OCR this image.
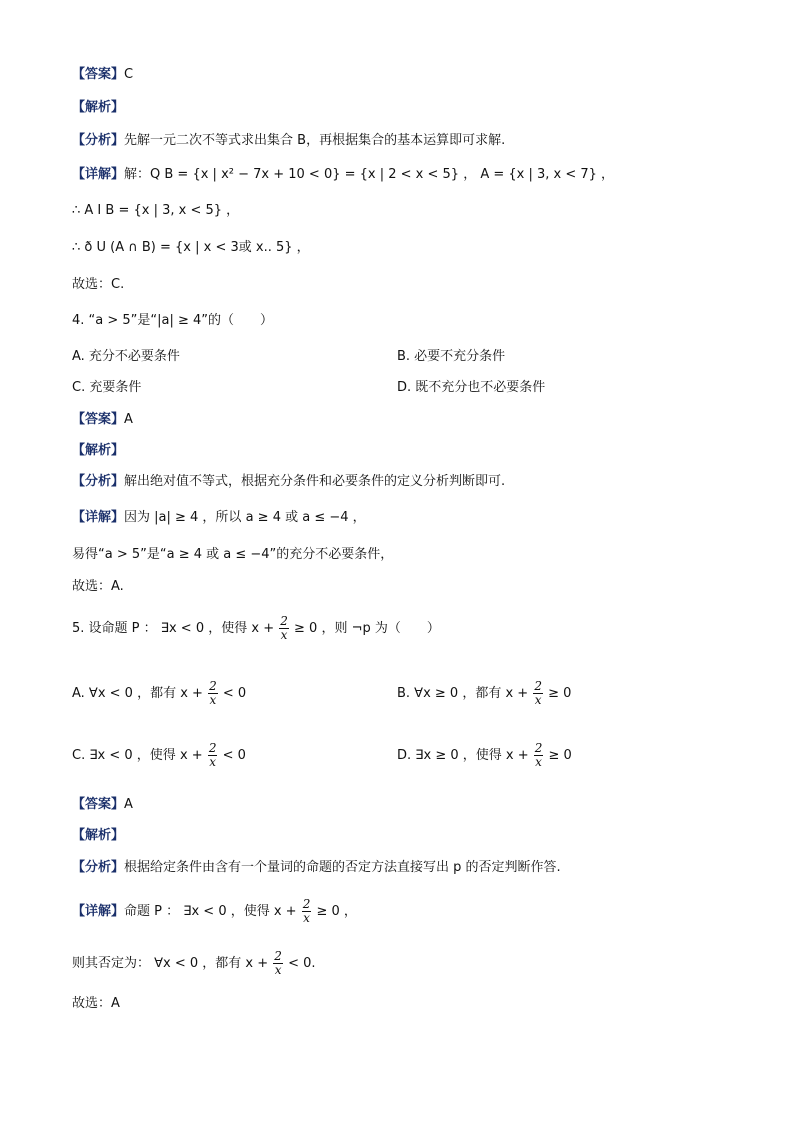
【答案】C
【解析】
【分析】先解一元二次不等式求出集合 B，再根据集合的基本运算即可求解.
【详解】解：Q B = {x | x² − 7x + 10 < 0} = {x | 2 < x < 5} ， A = {x | 3, x < 7} ，
∴ A I B = {x | 3, x < 5} ，
∴ ð U (A ∩ B) = {x | x < 3或 x.. 5} ，
故选：C.
4. “a > 5”是“|a| ≥ 4”的（　　）
A. 充分不必要条件	B. 必要不充分条件
C. 充要条件	D. 既不充分也不必要条件
【答案】A
【解析】
【分析】解出绝对值不等式，根据充分条件和必要条件的定义分析判断即可.
【详解】因为 |a| ≥ 4 ，所以 a ≥ 4 或 a ≤ −4 ，
易得“a > 5”是“a ≥ 4 或 a ≤ −4”的充分不必要条件，
故选：A.
5. 设命题 P ： ∃x < 0 ，使得 $x + \frac{2}{x} \ge 0$ ，则 ¬p 为（　　）
A. ∀x < 0 ，都有 $x + \frac{2}{x} < 0$	B. ∀x ≥ 0 ，都有 $x + \frac{2}{x} \ge 0$
C. ∃x < 0 ，使得 $x + \frac{2}{x} < 0$	D. ∃x ≥ 0 ，使得 $x + \frac{2}{x} \ge 0$
【答案】A
【解析】
【分析】根据给定条件由含有一个量词的命题的否定方法直接写出 p 的否定判断作答.
【详解】命题 P ： ∃x < 0 ，使得 $x + \frac{2}{x} \ge 0$ ，
则其否定为： ∀x < 0 ，都有 $x + \frac{2}{x} < 0$.
故选：A
